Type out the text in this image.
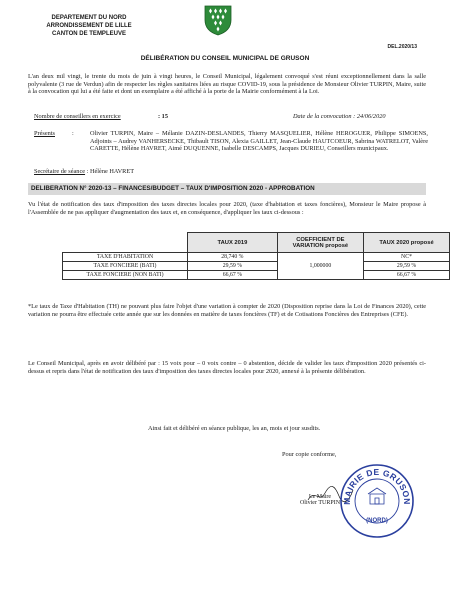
DEPARTEMENT DU NORD
ARRONDISSEMENT DE LILLE
CANTON DE TEMPLEUVE
DEL.2020/13
DÉLIBÉRATION DU CONSEIL MUNICIPAL DE GRUSON
L'an deux mil vingt, le trente du mois de juin à vingt heures, le Conseil Municipal, légalement convoqué s'est réuni exceptionnellement dans la salle polyvalente (3 rue de Verdun) afin de respecter les règles sanitaires liées au risque COVID-19, sous la présidence de Monsieur Olivier TURPIN, Maire, suite à la convocation qui lui a été faite et dont un exemplaire a été affiché à la porte de la Mairie conformément à la Loi.
Nombre de conseillers en exercice	: 15	Date de la convocation : 24/06/2020
Présents	:	Olivier TURPIN, Maire – Mélanie DAZIN-DESLANDES, Thierry MASQUELIER, Hélène HEROGUER, Philippe SIMOENS, Adjoints – Audrey VANHERSECKE, Thibault TISON, Alexia GAILLET, Jean-Claude HAUTCOEUR, Sabrina WATRELOT, Valère CARETTE, Hélène HAVRET, Aimé DUQUENNE, Isabelle DESCAMPS, Jacques DURIEU, Conseillers municipaux.
Secrétaire de séance : Hélène HAVRET
DELIBERATION N° 2020-13 – FINANCES/BUDGET – TAUX D'IMPOSITION 2020 - APPROBATION
Vu l'état de notification des taux d'imposition des taxes directes locales pour 2020, (taxe d'habitation et taxes foncières), Monsieur le Maire propose à l'Assemblée de ne pas appliquer d'augmentation des taux et, en conséquence, d'appliquer les taux ci-dessous :
	TAUX 2019	COEFFICIENT DE VARIATION proposé	TAUX 2020 proposé
TAXE D'HABITATION	28,740 %	1,000000	NC*
TAXE FONCIERE (BATI)	29,59 %		29,59 %
TAXE FONCIERE (NON BATI)	66,67 %		66,67 %
*Le taux de Taxe d'Habitation (TH) ne pouvant plus faire l'objet d'une variation à compter de 2020 (Disposition reprise dans la Loi de Finances 2020), cette variation ne pourra être effectuée cette année que sur les données en matière de taxes foncières (TF) et de Cotisations Foncières des Entreprises (CFE).
Le Conseil Municipal, après en avoir délibéré par : 15 voix pour – 0 voix contre – 0 abstention, décide de valider les taux d'imposition 2020 présentés ci-dessus et repris dans l'état de notification des taux d'imposition des taxes directes locales pour 2020, annexé à la présente délibération.
Ainsi fait et délibéré en séance publique, les an, mois et jour susdits.
Pour copie conforme,
Le Maire
Olivier TURPIN MAIRIE DE GRUSON
(NORD)
